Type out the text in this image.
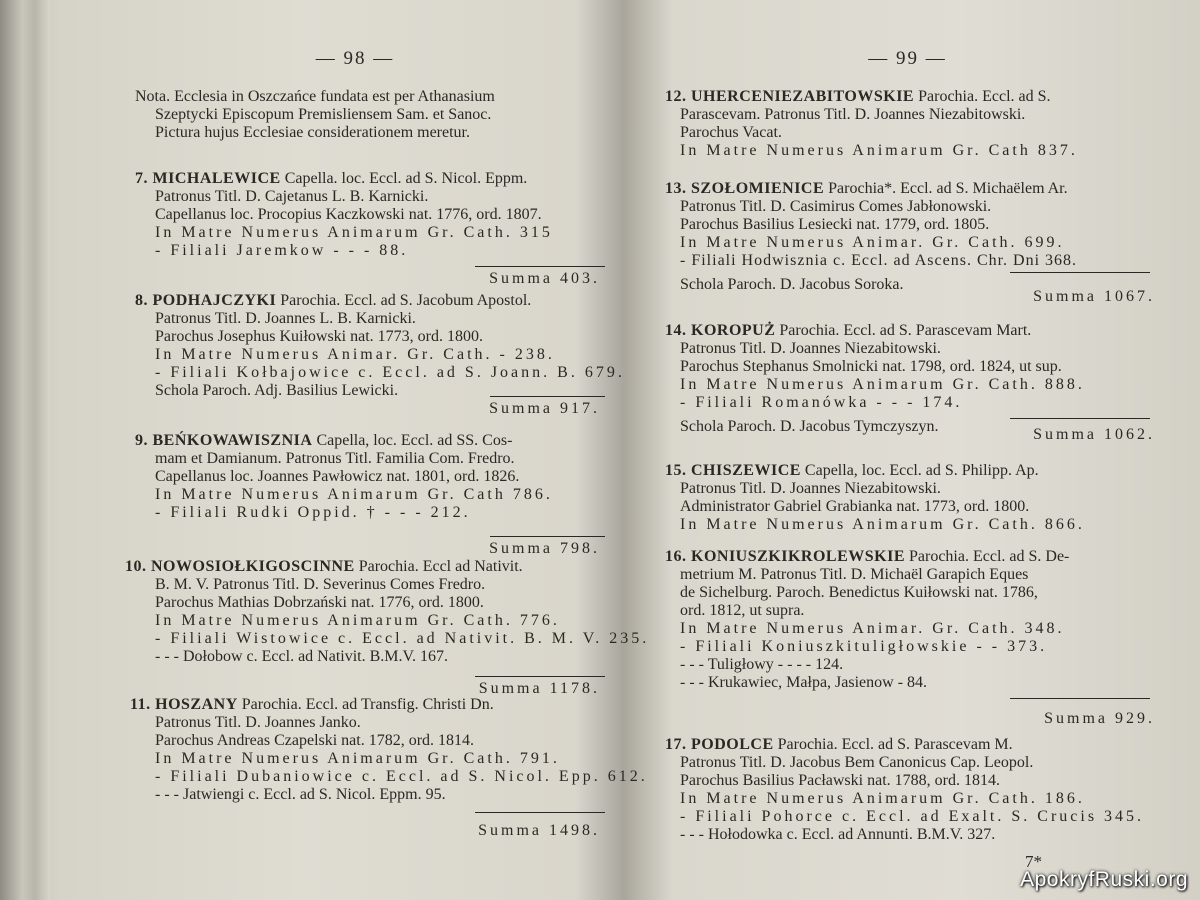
— 98 —
Nota. Ecclesia in Oszczańce fundata est per Athanasium
Szeptycki Episcopum Premisliensem Sam. et Sanoc.
Pictura hujus Ecclesiae considerationem meretur.
7. MICHALEWICE Capella. loc. Eccl. ad S. Nicol. Eppm.
Patronus Titl. D. Cajetanus L. B. Karnicki.
Capellanus loc. Procopius Kaczkowski nat. 1776, ord. 1807.
In Matre Numerus Animarum Gr. Cath. 315
- Filiali Jaremkow - - - 88.
Summa 403.
8. PODHAJCZYKI Parochia. Eccl. ad S. Jacobum Apostol.
Patronus Titl. D. Joannes L. B. Karnicki.
Parochus Josephus Kuiłowski nat. 1773, ord. 1800.
In Matre Numerus Animar. Gr. Cath. - 238.
- Filiali Kołbajowice c. Eccl. ad S. Joann. B. 679.
Schola Paroch. Adj. Basilius Lewicki.
Summa 917.
9. BEŃKOWAWISZNIA Capella, loc. Eccl. ad SS. Cos-
mam et Damianum. Patronus Titl. Familia Com. Fredro.
Capellanus loc. Joannes Pawłowicz nat. 1801, ord. 1826.
In Matre Numerus Animarum Gr. Cath 786.
- Filiali Rudki Oppid. † - - - 212.
Summa 798.
10. NOWOSIOŁKIGOSCINNE Parochia. Eccl ad Nativit.
B. M. V. Patronus Titl. D. Severinus Comes Fredro.
Parochus Mathias Dobrzański nat. 1776, ord. 1800.
In Matre Numerus Animarum Gr. Cath. 776.
- Filiali Wistowice c. Eccl. ad Nativit. B. M. V. 235.
- - - Dołobow c. Eccl. ad Nativit. B.M.V. 167.
Summa 1178.
11. HOSZANY Parochia. Eccl. ad Transfig. Christi Dn.
Patronus Titl. D. Joannes Janko.
Parochus Andreas Czapelski nat. 1782, ord. 1814.
In Matre Numerus Animarum Gr. Cath. 791.
- Filiali Dubaniowice c. Eccl. ad S. Nicol. Epp. 612.
- - - Jatwiengi c. Eccl. ad S. Nicol. Eppm. 95.
Summa 1498.
— 99 —
12. UHERCENIEZABITOWSKIE Parochia. Eccl. ad S.
Parascevam. Patronus Titl. D. Joannes Niezabitowski.
Parochus Vacat.
In Matre Numerus Animarum Gr. Cath 837.
13. SZOŁOMIENICE Parochia*. Eccl. ad S. Michaëlem Ar.
Patronus Titl. D. Casimirus Comes Jabłonowski.
Parochus Basilius Lesiecki nat. 1779, ord. 1805.
In Matre Numerus Animar. Gr. Cath. 699.
- Filiali Hodwisznia c. Eccl. ad Ascens. Chr. Dni 368.
Schola Paroch. D. Jacobus Soroka.
Summa 1067.
14. KOROPUŻ Parochia. Eccl. ad S. Parascevam Mart.
Patronus Titl. D. Joannes Niezabitowski.
Parochus Stephanus Smolnicki nat. 1798, ord. 1824, ut sup.
In Matre Numerus Animarum Gr. Cath. 888.
- Filiali Romanówka - - - 174.
Schola Paroch. D. Jacobus Tymczyszyn.	Summa 1062.
15. CHISZEWICE Capella, loc. Eccl. ad S. Philipp. Ap.
Patronus Titl. D. Joannes Niezabitowski.
Administrator Gabriel Grabianka nat. 1773, ord. 1800.
In Matre Numerus Animarum Gr. Cath. 866.
16. KONIUSZKIKROLEWSKIE Parochia. Eccl. ad S. De-
metrium M. Patronus Titl. D. Michaël Garapich Eques
de Sichelburg. Paroch. Benedictus Kuiłowski nat. 1786,
ord. 1812, ut supra.
In Matre Numerus Animar. Gr. Cath. 348.
- Filiali Koniuszkituligłowskie - - 373.
- - - Tuligłowy - - - - 124.
- - - Krukawiec, Małpa, Jasienow - 84.
Summa 929.
17. PODOLCE Parochia. Eccl. ad S. Parascevam M.
Patronus Titl. D. Jacobus Bem Canonicus Cap. Leopol.
Parochus Basilius Pacławski nat. 1788, ord. 1814.
In Matre Numerus Animarum Gr. Cath. 186.
- Filiali Pohorce c. Eccl. ad Exalt. S. Crucis 345.
- - - Hołodowka c. Eccl. ad Annunti. B.M.V. 327.
7*
ApokryfRuski.org
